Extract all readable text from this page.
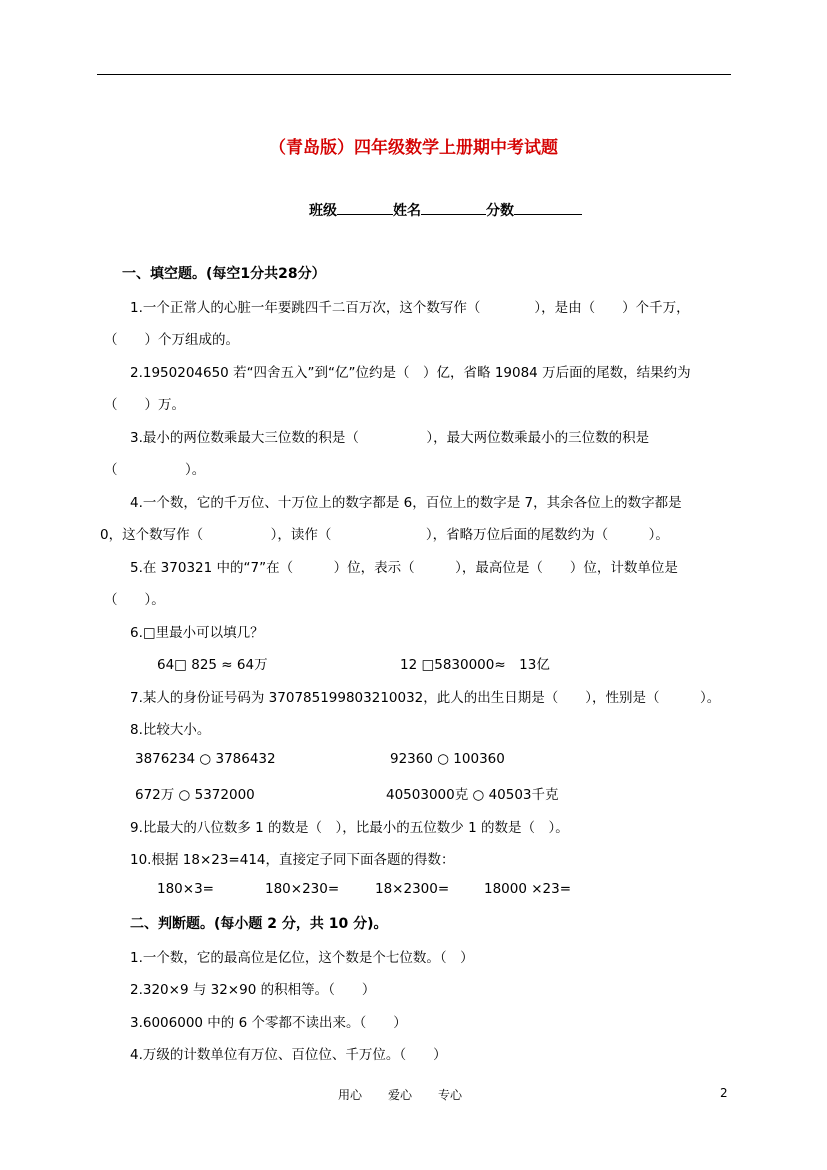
（青岛版）四年级数学上册期中考试题
班级	姓名	分数
一、填空题。(每空1分共28分）
1.一个正常人的心脏一年要跳四千二百万次，这个数写作（　　　　），是由（　　）个千万，
（　　）个万组成的。
2.1950204650 若“四舍五入”到“亿”位约是（　）亿，省略 19084 万后面的尾数，结果约为
（　　）万。
3.最小的两位数乘最大三位数的积是（　　　　　），最大两位数乘最小的三位数的积是
（　　　　　）。
4.一个数，它的千万位、十万位上的数字都是 6，百位上的数字是 7，其余各位上的数字都是
0，这个数写作（　　　　　），读作（　　　　　　　），省略万位后面的尾数约为（　　　）。
5.在 370321 中的“7”在（　　　）位，表示（　　　），最高位是（　　）位，计数单位是
（　　）。
6.□里最小可以填几？
64□ 825 ≈ 64万	12 □5830000≈　13亿
7.某人的身份证号码为 370785199803210032，此人的出生日期是（　　），性别是（　　　）。
8.比较大小。
3876234 ○ 3786432	92360 ○ 100360
672万 ○ 5372000	40503000克 ○ 40503千克
9.比最大的八位数多 1 的数是（　），比最小的五位数少 1 的数是（　）。
10.根据 18×23=414，直接定子同下面各题的得数：
180×3=	180×230=	18×2300=	18000 ×23=
二、判断题。(每小题 2 分，共 10 分)。
1.一个数，它的最高位是亿位，这个数是个七位数。（　）
2.320×9 与 32×90 的积相等。（　　）
3.6006000 中的 6 个零都不读出来。（　　）
4.万级的计数单位有万位、百位位、千万位。（　　）
用心 爱心 专心	2
